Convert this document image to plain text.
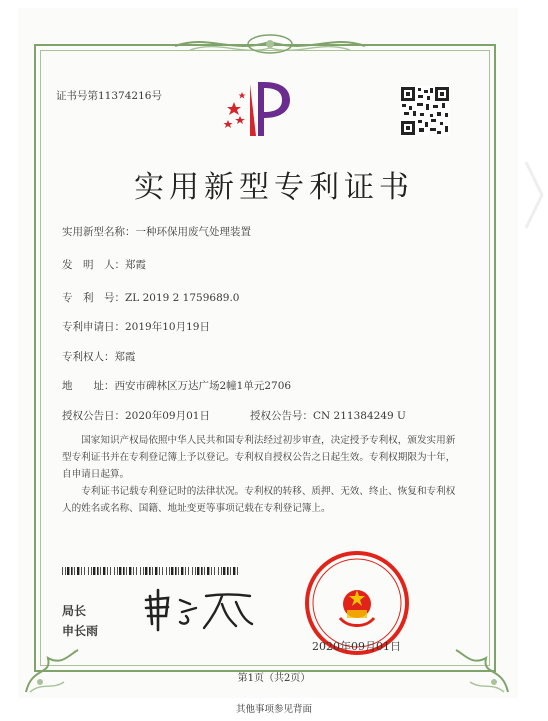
证书号第11374216号
实用新型专利证书
实用新型名称：一种环保用废气处理装置
发　明　人：郑霞
专　利　号：ZL 2019 2 1759689.0
专利申请日：2019年10月19日
专利权人：郑霞
地　　址：西安市碑林区万达广场2幢1单元2706
授权公告日：2020年09月01日	授权公告号：CN 211384249 U
国家知识产权局依照中华人民共和国专利法经过初步审查，决定授予专利权，颁发实用新型专利证书并在专利登记簿上予以登记。专利权自授权公告之日起生效。专利权期限为十年，自申请日起算。
专利证书记载专利登记时的法律状况。专利权的转移、质押、无效、终止、恢复和专利权人的姓名或名称、国籍、地址变更等事项记载在专利登记簿上。
局长
申长雨
2020年09月01日
第1页（共2页）
其他事项参见背面
